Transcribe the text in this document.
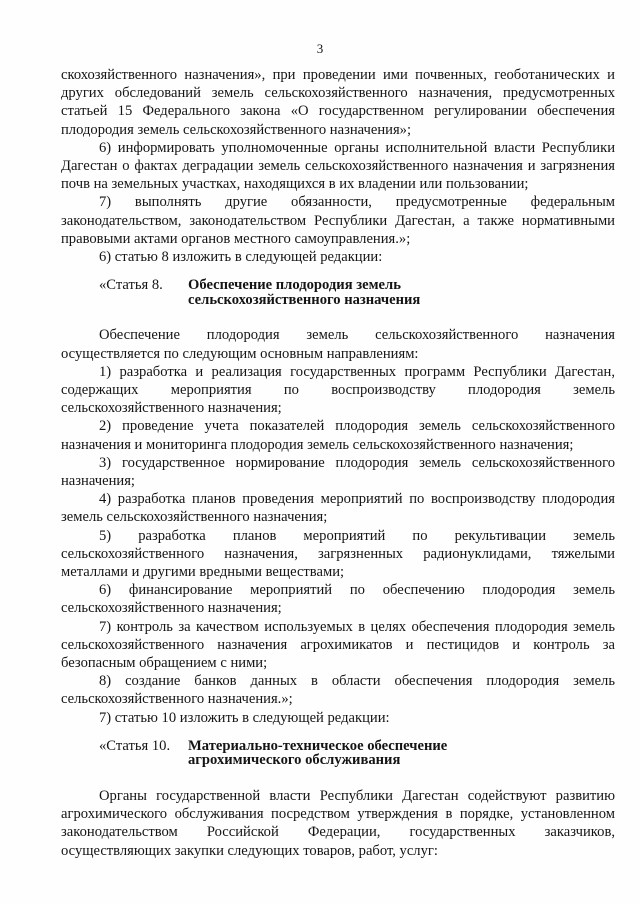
3

скохозяйственного назначения», при проведении ими почвенных, геоботанических и других обследований земель сельскохозяйственного назначения, предусмотренных статьей 15 Федерального закона «О государственном регулировании обеспечения плодородия земель сельскохозяйственного назначения»;

6) информировать уполномоченные органы исполнительной власти Республики Дагестан о фактах деградации земель сельскохозяйственного назначения и загрязнения почв на земельных участках, находящихся в их владении или пользовании;

7) выполнять другие обязанности, предусмотренные федеральным законодательством, законодательством Республики Дагестан, а также нормативными правовыми актами органов местного самоуправления.»;

6) статью 8 изложить в следующей редакции:

«Статья 8.	Обеспечение плодородия земель
сельскохозяйственного назначения

Обеспечение плодородия земель сельскохозяйственного назначения осуществляется по следующим основным направлениям:

1) разработка и реализация государственных программ Республики Дагестан, содержащих мероприятия по воспроизводству плодородия земель сельскохозяйственного назначения;

2) проведение учета показателей плодородия земель сельскохозяйственного назначения и мониторинга плодородия земель сельскохозяйственного назначения;

3) государственное нормирование плодородия земель сельскохозяйственного назначения;

4) разработка планов проведения мероприятий по воспроизводству плодородия земель сельскохозяйственного назначения;

5) разработка планов мероприятий по рекультивации земель сельскохозяйственного назначения, загрязненных радионуклидами, тяжелыми металлами и другими вредными веществами;

6) финансирование мероприятий по обеспечению плодородия земель сельскохозяйственного назначения;

7) контроль за качеством используемых в целях обеспечения плодородия земель сельскохозяйственного назначения агрохимикатов и пестицидов и контроль за безопасным обращением с ними;

8) создание банков данных в области обеспечения плодородия земель сельскохозяйственного назначения.»;

7) статью 10 изложить в следующей редакции:

«Статья 10.	Материально-техническое обеспечение
агрохимического обслуживания

Органы государственной власти Республики Дагестан содействуют развитию агрохимического обслуживания посредством утверждения в порядке, установленном законодательством Российской Федерации, государственных заказчиков, осуществляющих закупки следующих товаров, работ, услуг:
